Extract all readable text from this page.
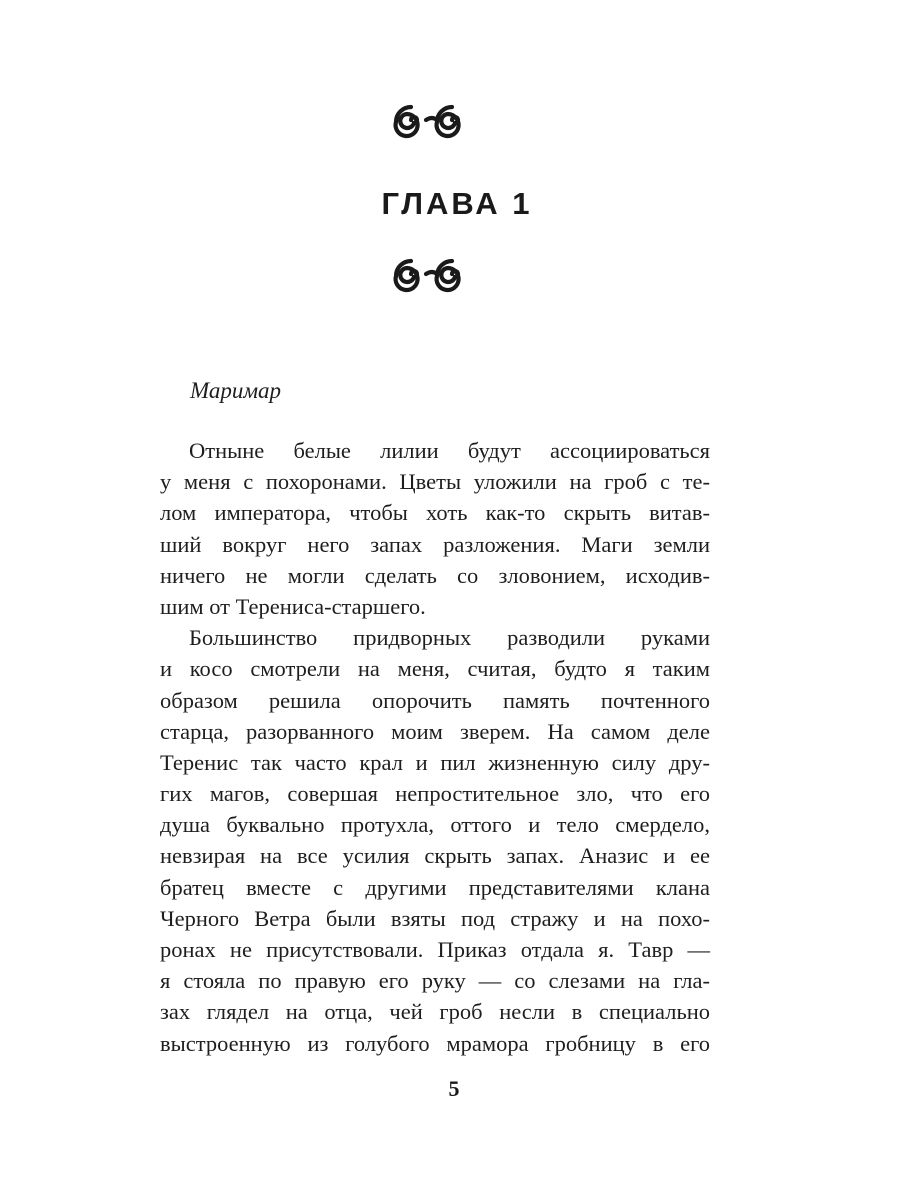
ГЛАВА 1
Маримар
Отныне белые лилии будут ассоциироваться
у меня с похоронами. Цветы уложили на гроб с те-
лом императора, чтобы хоть как-то скрыть витав-
ший вокруг него запах разложения. Маги земли
ничего не могли сделать со зловонием, исходив-
шим от Терениса-старшего.
Большинство придворных разводили руками
и косо смотрели на меня, считая, будто я таким
образом решила опорочить память почтенного
старца, разорванного моим зверем. На самом деле
Теренис так часто крал и пил жизненную силу дру-
гих магов, совершая непростительное зло, что его
душа буквально протухла, оттого и тело смердело,
невзирая на все усилия скрыть запах. Аназис и ее
братец вместе с другими представителями клана
Черного Ветра были взяты под стражу и на похо-
ронах не присутствовали. Приказ отдала я. Тавр —
я стояла по правую его руку — со слезами на гла-
зах глядел на отца, чей гроб несли в специально
выстроенную из голубого мрамора гробницу в его
5
